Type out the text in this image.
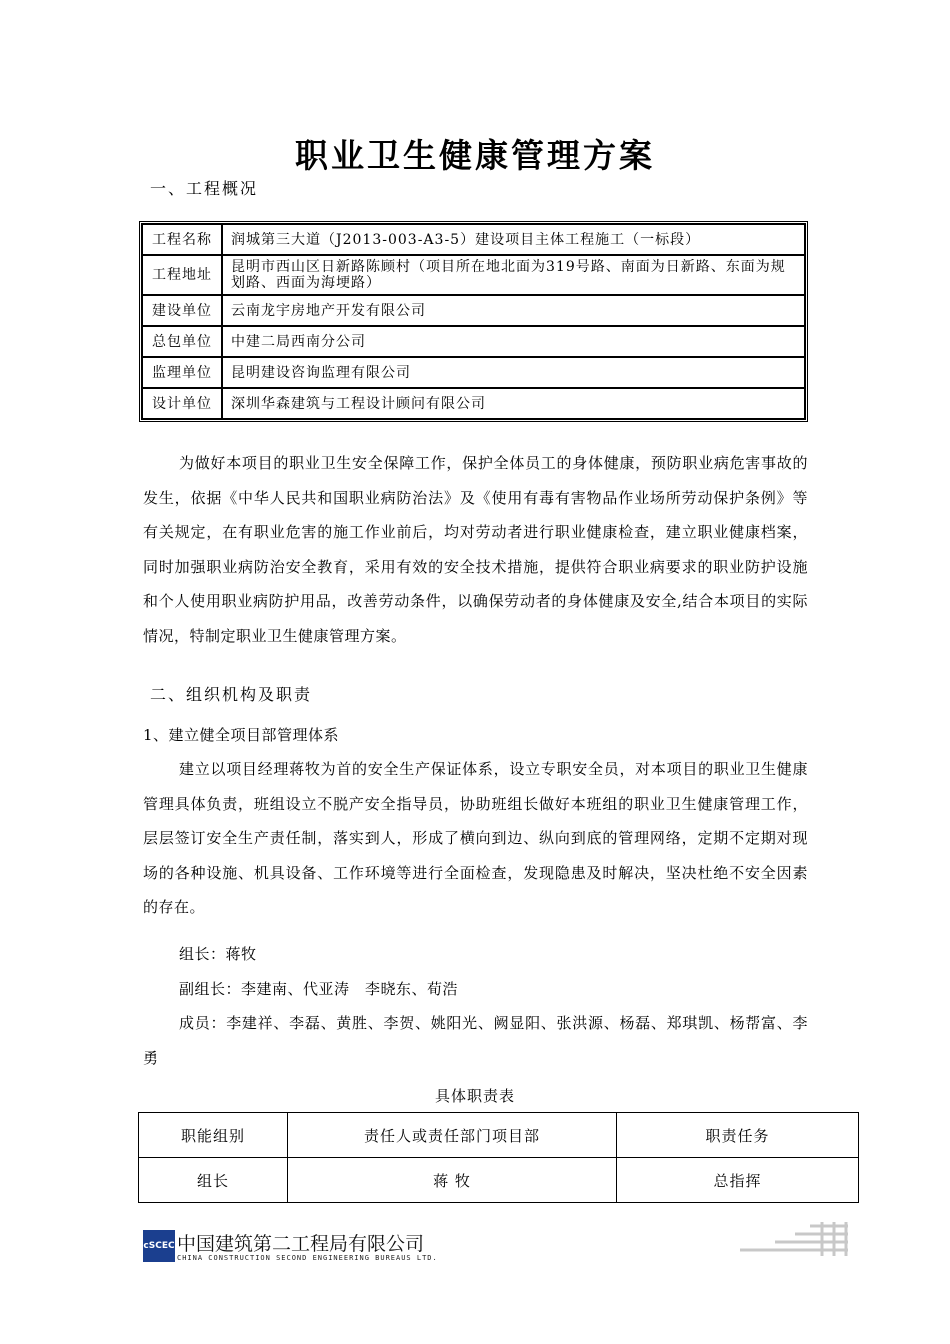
职业卫生健康管理方案
一、工程概况
工程名称	润城第三大道（J2013-003-A3-5）建设项目主体工程施工（一标段）
工程地址	昆明市西山区日新路陈顾村（项目所在地北面为319号路、南面为日新路、东面为规划路、西面为海埂路）
建设单位	云南龙宇房地产开发有限公司
总包单位	中建二局西南分公司
监理单位	昆明建设咨询监理有限公司
设计单位	深圳华森建筑与工程设计顾问有限公司
为做好本项目的职业卫生安全保障工作，保护全体员工的身体健康，预防职业病危害事故的发生，依据《中华人民共和国职业病防治法》及《使用有毒有害物品作业场所劳动保护条例》等有关规定，在有职业危害的施工作业前后，均对劳动者进行职业健康检查，建立职业健康档案，同时加强职业病防治安全教育，采用有效的安全技术措施，提供符合职业病要求的职业防护设施和个人使用职业病防护用品，改善劳动条件，以确保劳动者的身体健康及安全,结合本项目的实际情况，特制定职业卫生健康管理方案。
二、组织机构及职责
1、建立健全项目部管理体系
建立以项目经理蒋牧为首的安全生产保证体系，设立专职安全员，对本项目的职业卫生健康管理具体负责，班组设立不脱产安全指导员，协助班组长做好本班组的职业卫生健康管理工作，层层签订安全生产责任制，落实到人，形成了横向到边、纵向到底的管理网络，定期不定期对现场的各种设施、机具设备、工作环境等进行全面检查，发现隐患及时解决，坚决杜绝不安全因素的存在。
组长：蒋牧
副组长：李建南、代亚涛　李晓东、荀浩
成员：李建祥、李磊、黄胜、李贺、姚阳光、阙显阳、张洪源、杨磊、郑琪凯、杨帮富、李勇
具体职责表
职能组别	责任人或责任部门项目部	职责任务
组长	蒋 牧	总指挥
cSCEC 中国建筑第二工程局有限公司
CHINA CONSTRUCTION SECOND ENGINEERING BUREAUS LTD.
